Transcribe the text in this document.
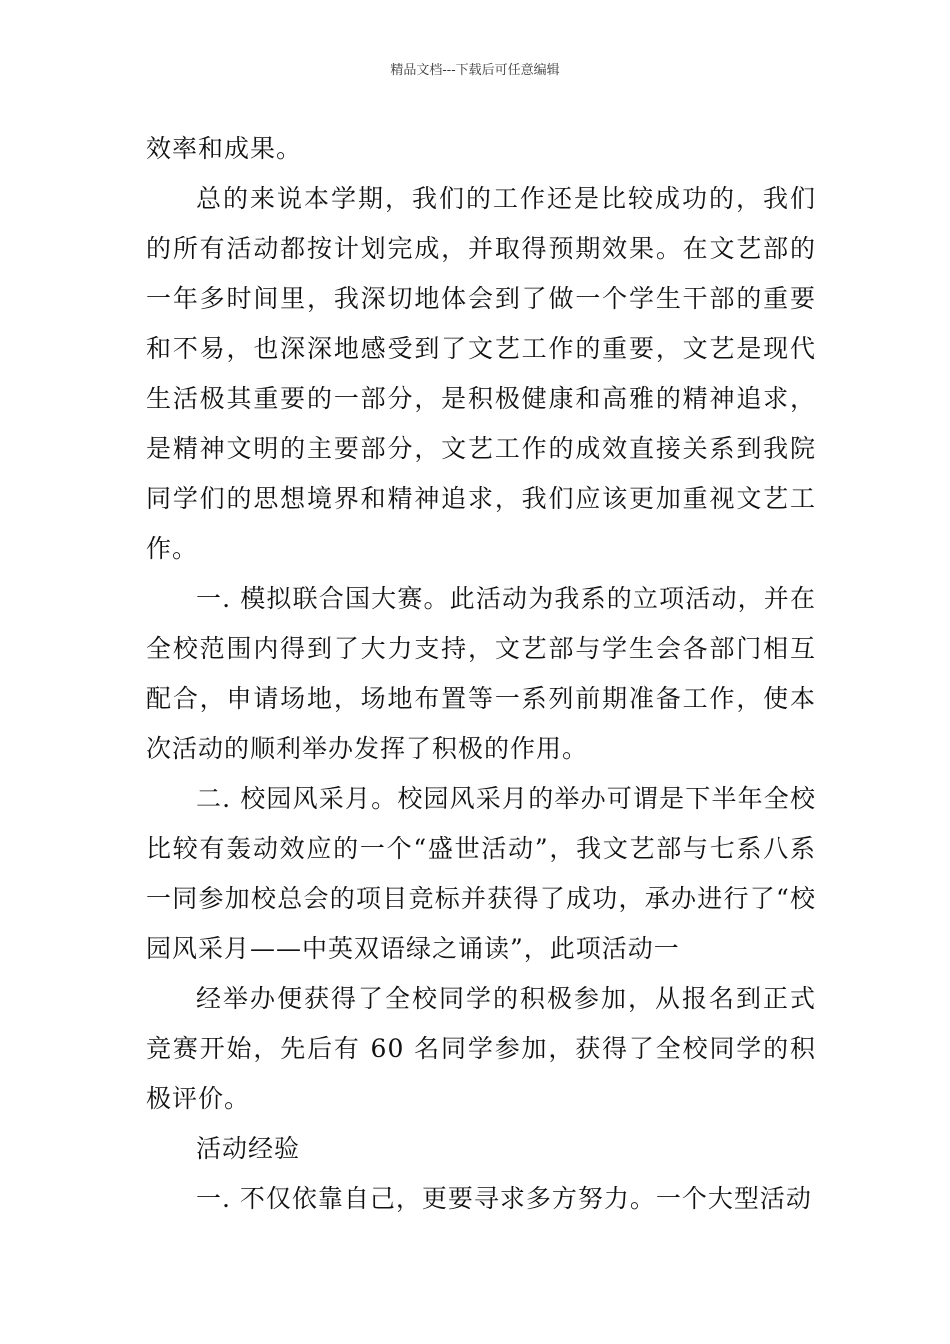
精品文档---下载后可任意编辑

效率和成果。

总的来说本学期，我们的工作还是比较成功的，我们的所有活动都按计划完成，并取得预期效果。在文艺部的一年多时间里，我深切地体会到了做一个学生干部的重要和不易，也深深地感受到了文艺工作的重要，文艺是现代生活极其重要的一部分，是积极健康和高雅的精神追求，是精神文明的主要部分，文艺工作的成效直接关系到我院同学们的思想境界和精神追求，我们应该更加重视文艺工作。

一. 模拟联合国大赛。此活动为我系的立项活动，并在全校范围内得到了大力支持，文艺部与学生会各部门相互配合，申请场地，场地布置等一系列前期准备工作，使本次活动的顺利举办发挥了积极的作用。

二. 校园风采月。校园风采月的举办可谓是下半年全校比较有轰动效应的一个“盛世活动”，我文艺部与七系八系一同参加校总会的项目竞标并获得了成功，承办进行了“校园风采月——中英双语绿之诵读”，此项活动一

经举办便获得了全校同学的积极参加，从报名到正式竞赛开始，先后有 60 名同学参加，获得了全校同学的积极评价。

活动经验

一. 不仅依靠自己，更要寻求多方努力。一个大型活动
